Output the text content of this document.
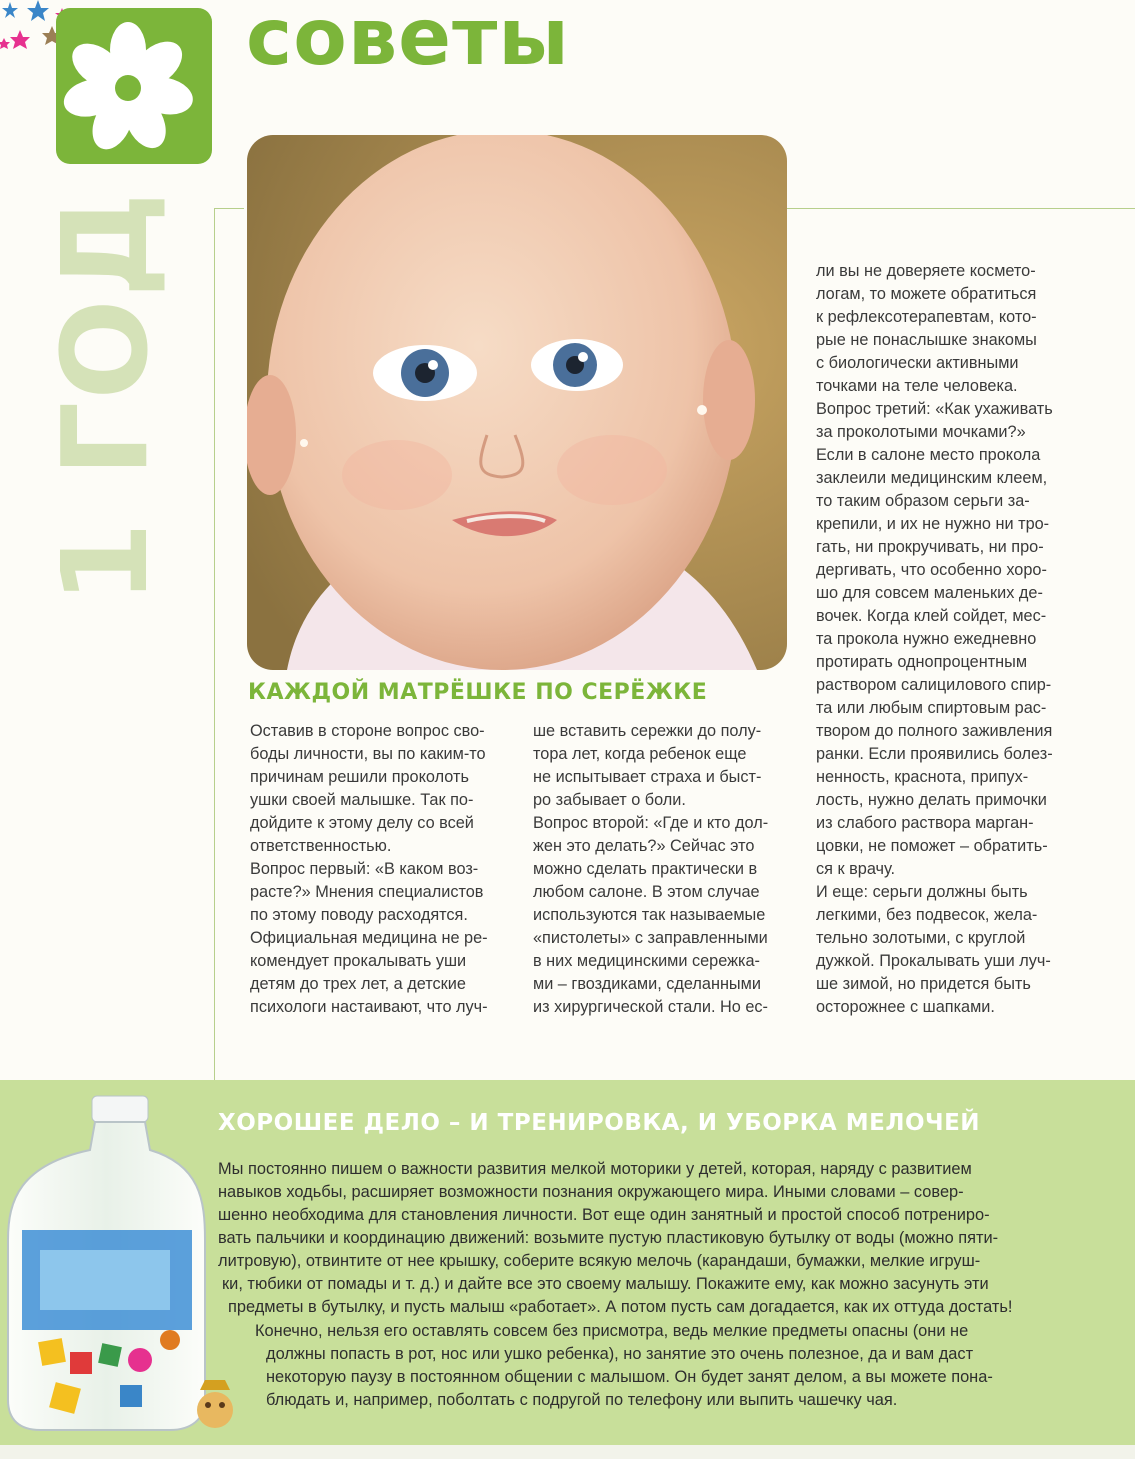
советы
1 ГОД
КАЖДОЙ МАТРЁШКЕ ПО СЕРЁЖКЕ
Оставив в стороне вопрос сво-
боды личности, вы по каким-то
причинам решили проколоть
ушки своей малышке. Так по-
дойдите к этому делу со всей
ответственностью.
Вопрос первый: «В каком воз-
расте?» Мнения специалистов
по этому поводу расходятся.
Официальная медицина не ре-
комендует прокалывать уши
детям до трех лет, а детские
психологи настаивают, что луч-
ше вставить сережки до полу-
тора лет, когда ребенок еще
не испытывает страха и быст-
ро забывает о боли.
Вопрос второй: «Где и кто дол-
жен это делать?» Сейчас это
можно сделать практически в
любом салоне. В этом случае
используются так называемые
«пистолеты» с заправленными
в них медицинскими сережка-
ми – гвоздиками, сделанными
из хирургической стали. Но ес-
ли вы не доверяете космето-
логам, то можете обратиться
к рефлексотерапевтам, кото-
рые не понаслышке знакомы
с биологически активными
точками на теле человека.
Вопрос третий: «Как ухаживать
за проколотыми мочками?»
Если в салоне место прокола
заклеили медицинским клеем,
то таким образом серьги за-
крепили, и их не нужно ни тро-
гать, ни прокручивать, ни про-
дергивать, что особенно хоро-
шо для совсем маленьких де-
вочек. Когда клей сойдет, мес-
та прокола нужно ежедневно
протирать однопроцентным
раствором салицилового спир-
та или любым спиртовым рас-
твором до полного заживления
ранки. Если проявились болез-
ненность, краснота, припух-
лость, нужно делать примочки
из слабого раствора марган-
цовки, не поможет – обратить-
ся к врачу.
И еще: серьги должны быть
легкими, без подвесок, жела-
тельно золотыми, с круглой
дужкой. Прокалывать уши луч-
ше зимой, но придется быть
осторожнее с шапками.
ХОРОШЕЕ ДЕЛО – И ТРЕНИРОВКА, И УБОРКА МЕЛОЧЕЙ
Мы постоянно пишем о важности развития мелкой моторики у детей, которая, наряду с развитием
навыков ходьбы, расширяет возможности познания окружающего мира. Иными словами – совер-
шенно необходима для становления личности. Вот еще один занятный и простой способ потрениро-
вать пальчики и координацию движений: возьмите пустую пластиковую бутылку от воды (можно пяти-
литровую), отвинтите от нее крышку, соберите всякую мелочь (карандаши, бумажки, мелкие игруш-
ки, тюбики от помады и т. д.) и дайте все это своему малышу. Покажите ему, как можно засунуть эти
предметы в бутылку, и пусть малыш «работает». А потом пусть сам догадается, как их оттуда достать!
Конечно, нельзя его оставлять совсем без присмотра, ведь мелкие предметы опасны (они не
должны попасть в рот, нос или ушко ребенка), но занятие это очень полезное, да и вам даст
некоторую паузу в постоянном общении с малышом. Он будет занят делом, а вы можете пона-
блюдать и, например, поболтать с подругой по телефону или выпить чашечку чая.
